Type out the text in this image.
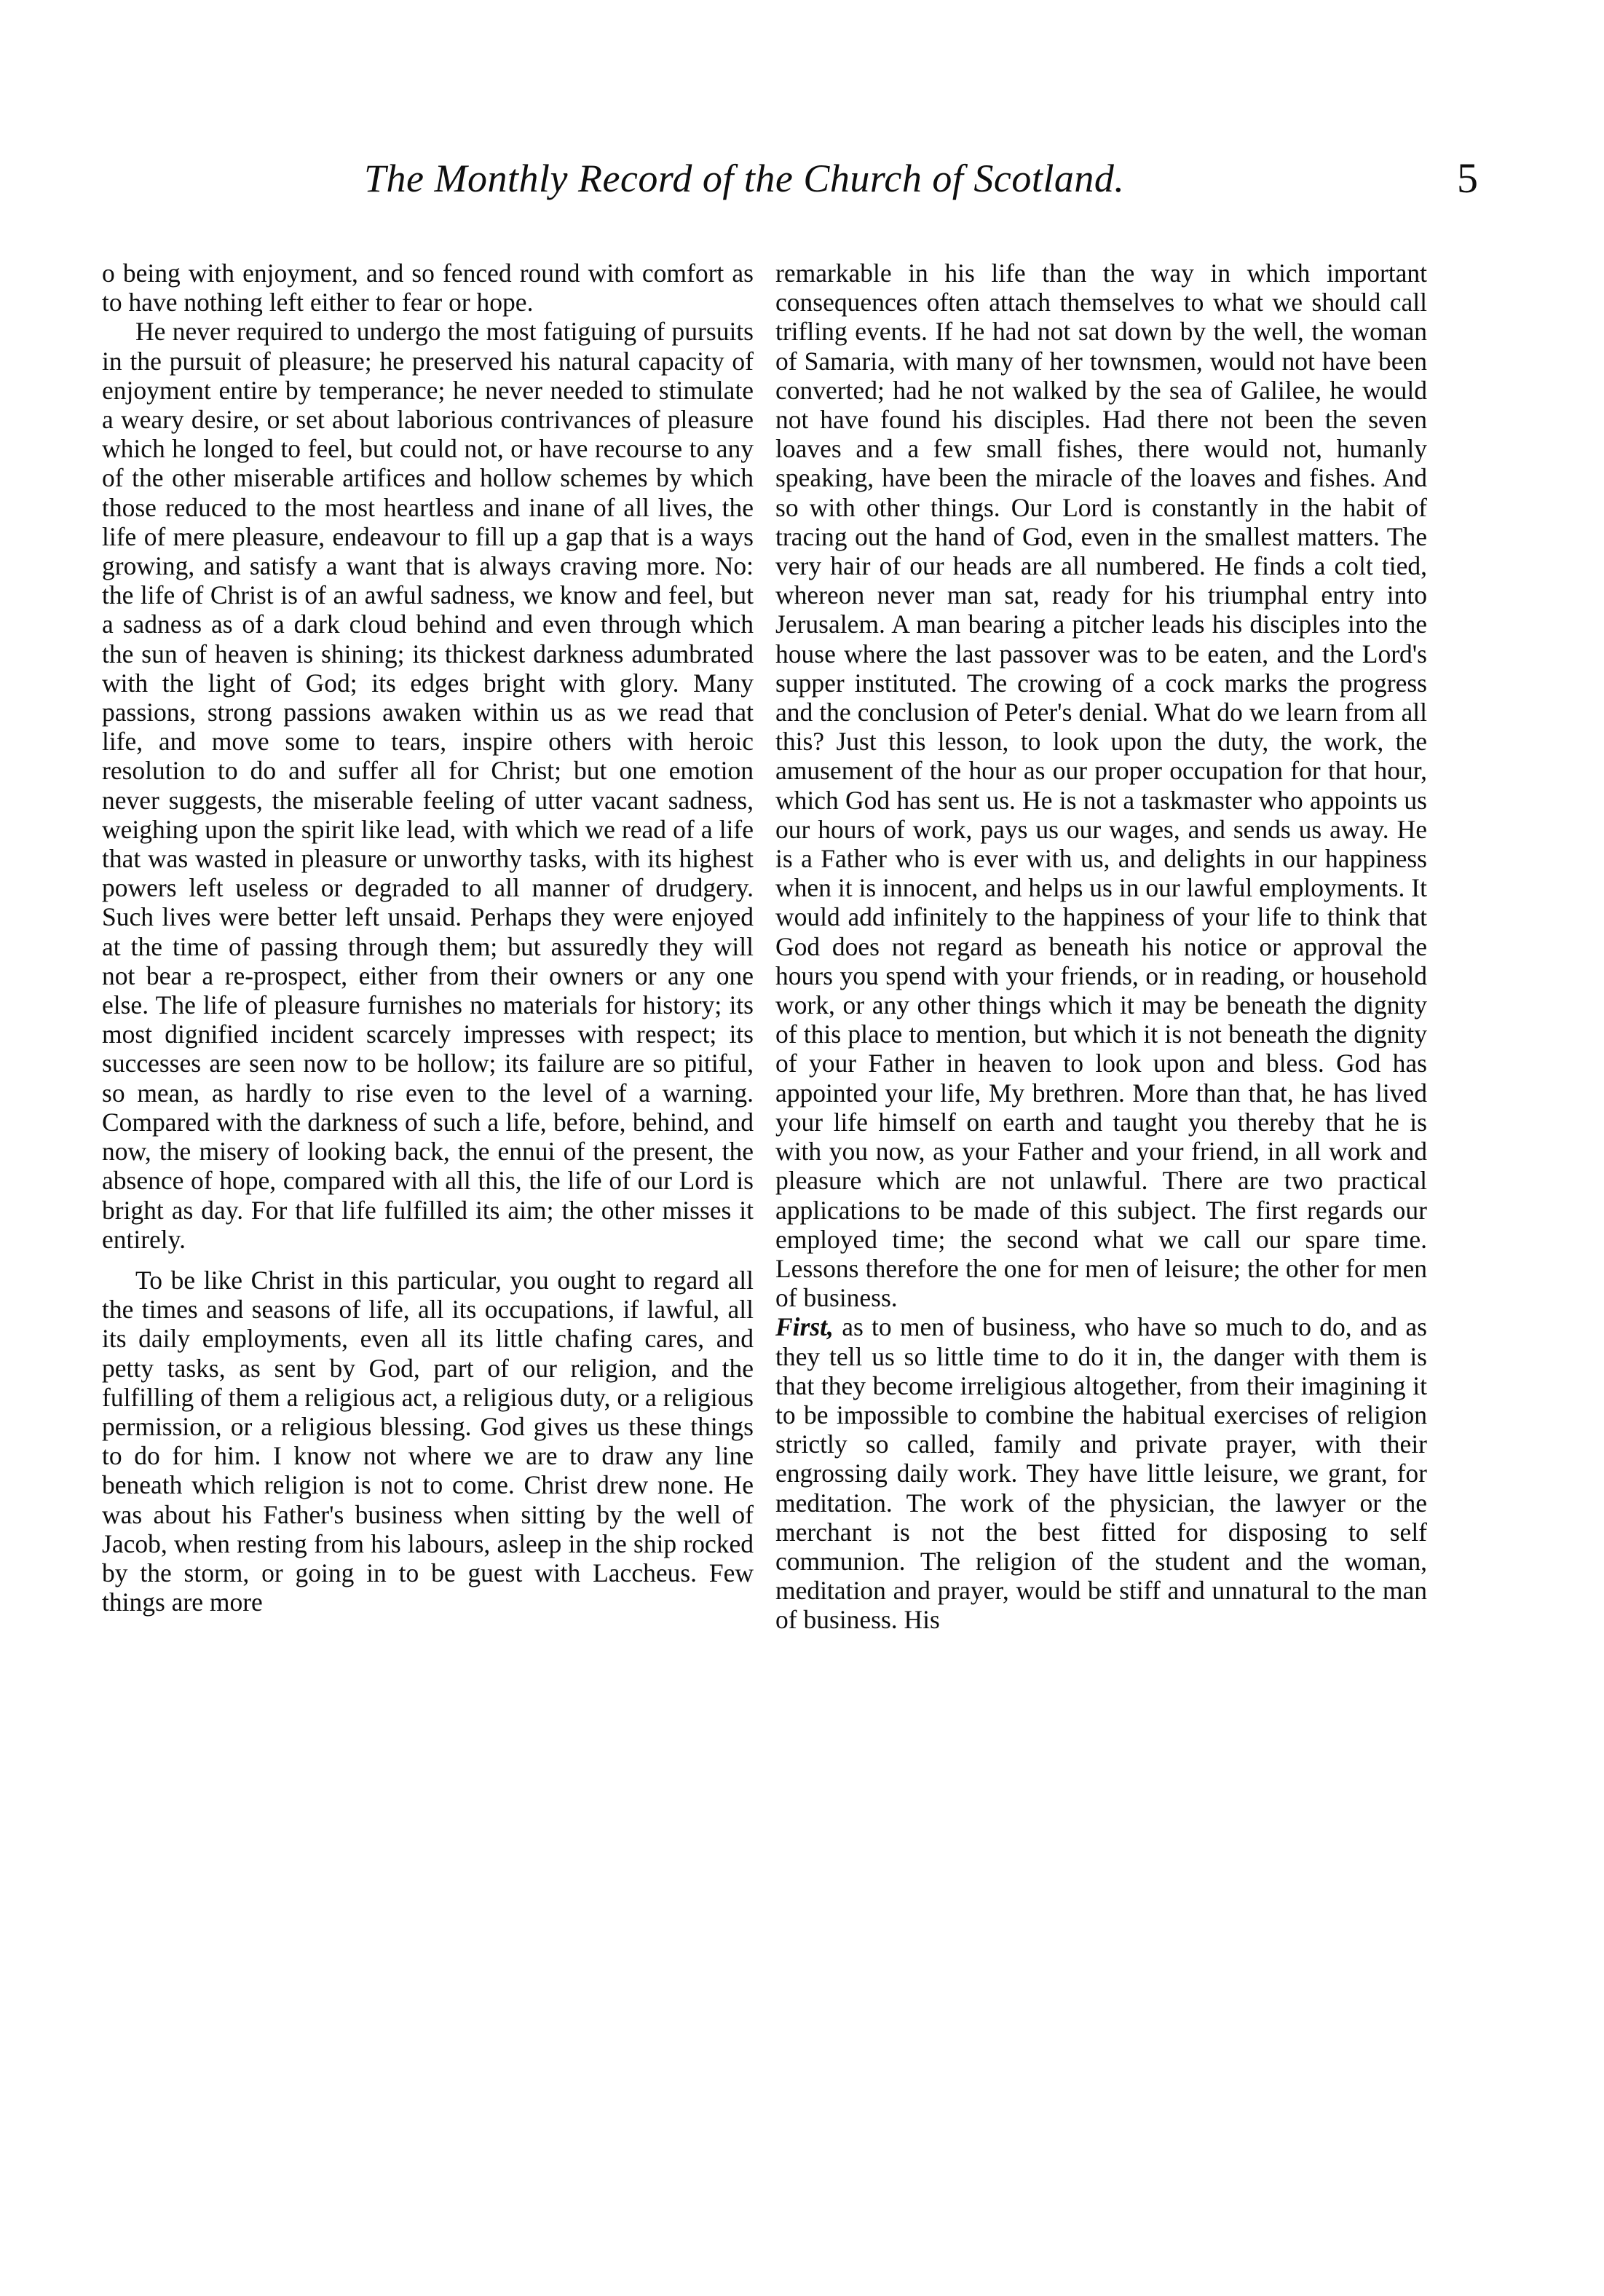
The Monthly Record of the Church of Scotland.	5

o being with enjoyment, and so fenced round with comfort as to have nothing left either to fear or hope.

He never required to undergo the most fatiguing of pursuits in the pursuit of pleasure; he preserved his natural capacity of enjoyment entire by temperance; he never needed to stimulate a weary desire, or set about laborious contrivances of pleasure which he longed to feel, but could not, or have recourse to any of the other miserable artifices and hollow schemes by which those reduced to the most heartless and inane of all lives, the life of mere pleasure, endeavour to fill up a gap that is a ways growing, and satisfy a want that is always craving more. No: the life of Christ is of an awful sadness, we know and feel, but a sadness as of a dark cloud behind and even through which the sun of heaven is shining; its thickest darkness adumbrated with the light of God; its edges bright with glory. Many passions, strong passions awaken within us as we read that life, and move some to tears, inspire others with heroic resolution to do and suffer all for Christ; but one emotion never suggests, the miserable feeling of utter vacant sadness, weighing upon the spirit like lead, with which we read of a life that was wasted in pleasure or unworthy tasks, with its highest powers left useless or degraded to all manner of drudgery. Such lives were better left unsaid. Perhaps they were enjoyed at the time of passing through them; but assuredly they will not bear a re-prospect, either from their owners or any one else. The life of pleasure furnishes no materials for history; its most dignified incident scarcely impresses with respect; its successes are seen now to be hollow; its failure are so pitiful, so mean, as hardly to rise even to the level of a warning. Compared with the darkness of such a life, before, behind, and now, the misery of looking back, the ennui of the present, the absence of hope, compared with all this, the life of our Lord is bright as day. For that life fulfilled its aim; the other misses it entirely.

To be like Christ in this particular, you ought to regard all the times and seasons of life, all its occupations, if lawful, all its daily employments, even all its little chafing cares, and petty tasks, as sent by God, part of our religion, and the fulfilling of them a religious act, a religious duty, or a religious permission, or a religious blessing. God gives us these things to do for him. I know not where we are to draw any line beneath which religion is not to come. Christ drew none. He was about his Father's business when sitting by the well of Jacob, when resting from his labours, asleep in the ship rocked by the storm, or going in to be guest with Laccheus. Few things are more

remarkable in his life than the way in which important consequences often attach themselves to what we should call trifling events. If he had not sat down by the well, the woman of Samaria, with many of her townsmen, would not have been converted; had he not walked by the sea of Galilee, he would not have found his disciples. Had there not been the seven loaves and a few small fishes, there would not, humanly speaking, have been the miracle of the loaves and fishes. And so with other things. Our Lord is constantly in the habit of tracing out the hand of God, even in the smallest matters. The very hair of our heads are all numbered. He finds a colt tied, whereon never man sat, ready for his triumphal entry into Jerusalem. A man bearing a pitcher leads his disciples into the house where the last passover was to be eaten, and the Lord's supper instituted. The crowing of a cock marks the progress and the conclusion of Peter's denial. What do we learn from all this? Just this lesson, to look upon the duty, the work, the amusement of the hour as our proper occupation for that hour, which God has sent us. He is not a taskmaster who appoints us our hours of work, pays us our wages, and sends us away. He is a Father who is ever with us, and delights in our happiness when it is innocent, and helps us in our lawful employments. It would add infinitely to the happiness of your life to think that God does not regard as beneath his notice or approval the hours you spend with your friends, or in reading, or household work, or any other things which it may be beneath the dignity of this place to mention, but which it is not beneath the dignity of your Father in heaven to look upon and bless. God has appointed your life, My brethren. More than that, he has lived your life himself on earth and taught you thereby that he is with you now, as your Father and your friend, in all work and pleasure which are not unlawful. There are two practical applications to be made of this subject. The first regards our employed time; the second what we call our spare time. Lessons therefore the one for men of leisure; the other for men of business.

First, as to men of business, who have so much to do, and as they tell us so little time to do it in, the danger with them is that they become irreligious altogether, from their imagining it to be impossible to combine the habitual exercises of religion strictly so called, family and private prayer, with their engrossing daily work. They have little leisure, we grant, for meditation. The work of the physician, the lawyer or the merchant is not the best fitted for disposing to self communion. The religion of the student and the woman, meditation and prayer, would be stiff and unnatural to the man of business. His
